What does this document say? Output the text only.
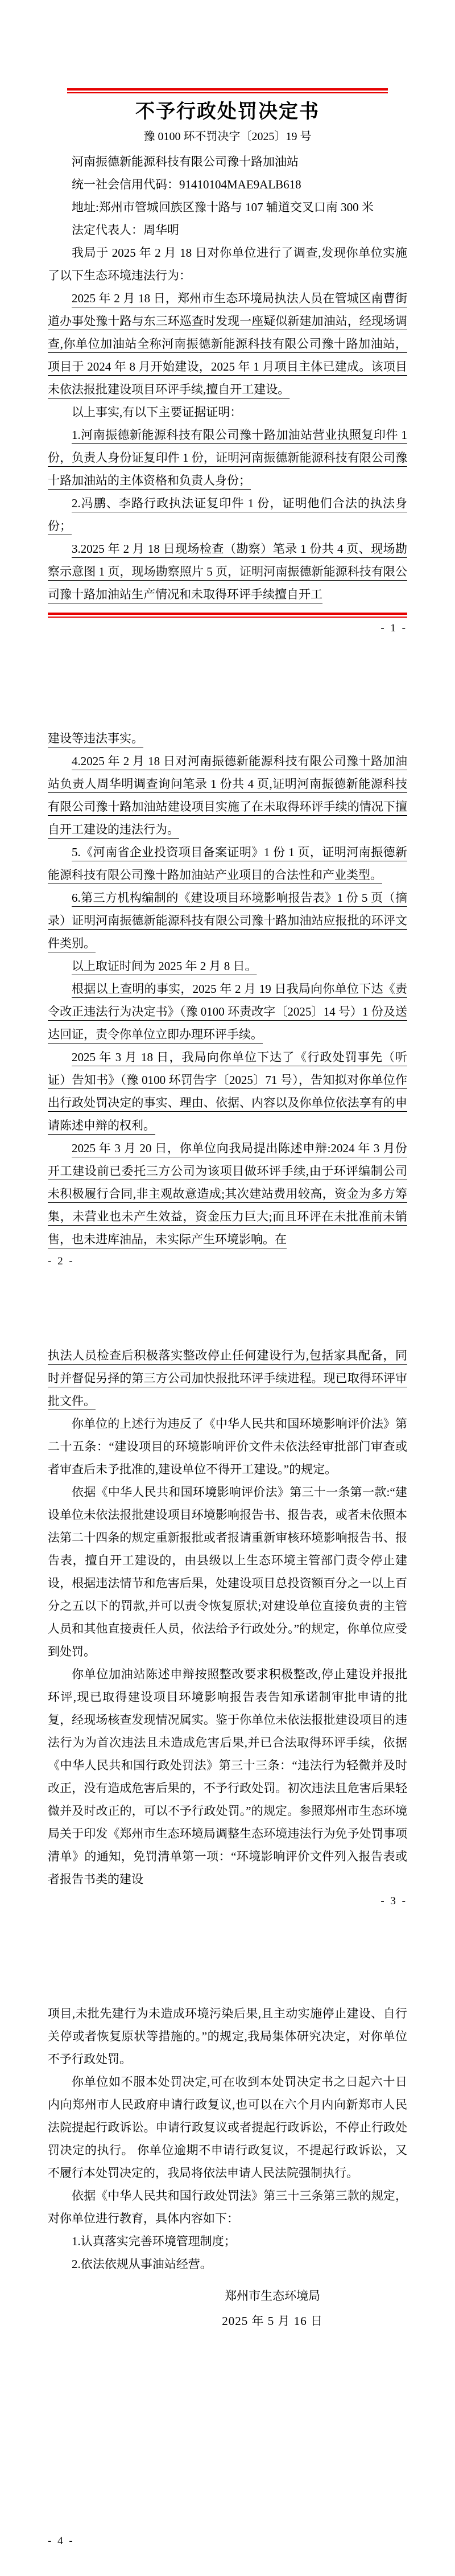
不予行政处罚决定书

豫 0100 环不罚决字〔2025〕19 号

河南振德新能源科技有限公司豫十路加油站

统一社会信用代码：91410104MAE9ALB618

地址:郑州市管城回族区豫十路与 107 辅道交叉口南 300 米

法定代表人：周华明

我局于 2025 年 2 月 18 日对你单位进行了调查,发现你单位实施了以下生态环境违法行为：

2025 年 2 月 18 日，郑州市生态环境局执法人员在管城区南曹街道办事处豫十路与东三环巡查时发现一座疑似新建加油站，经现场调查,你单位加油站全称河南振德新能源科技有限公司豫十路加油站，项目于 2024 年 8 月开始建设，2025 年 1 月项目主体已建成。该项目未依法报批建设项目环评手续,擅自开工建设。

以上事实,有以下主要证据证明：

1.河南振德新能源科技有限公司豫十路加油站营业执照复印件 1 份，负责人身份证复印件 1 份，证明河南振德新能源科技有限公司豫十路加油站的主体资格和负责人身份；

2.冯鹏、李路行政执法证复印件 1 份，证明他们合法的执法身份；

3.2025 年 2 月 18 日现场检查（勘察）笔录 1 份共 4 页、现场勘察示意图 1 页，现场勘察照片 5 页，证明河南振德新能源科技有限公司豫十路加油站生产情况和未取得环评手续擅自开工

- 1 -

建设等违法事实。

4.2025 年 2 月 18 日对河南振德新能源科技有限公司豫十路加油站负责人周华明调查询问笔录 1 份共 4 页,证明河南振德新能源科技有限公司豫十路加油站建设项目实施了在未取得环评手续的情况下擅自开工建设的违法行为。

5.《河南省企业投资项目备案证明》1 份 1 页，证明河南振德新能源科技有限公司豫十路加油站产业项目的合法性和产业类型。

6.第三方机构编制的《建设项目环境影响报告表》1 份 5 页（摘录）证明河南振德新能源科技有限公司豫十路加油站应报批的环评文件类别。

以上取证时间为 2025 年 2 月 8 日。

根据以上查明的事实，2025 年 2 月 19 日我局向你单位下达《责令改正违法行为决定书》（豫 0100 环责改字〔2025〕14 号）1 份及送达回证，责令你单位立即办理环评手续。

2025 年 3 月 18 日，我局向你单位下达了《行政处罚事先（听证）告知书》（豫 0100 环罚告字〔2025〕71 号），告知拟对你单位作出行政处罚决定的事实、理由、依据、内容以及你单位依法享有的申请陈述申辩的权利。

2025 年 3 月 20 日，你单位向我局提出陈述申辩:2024 年 3 月份开工建设前已委托三方公司为该项目做环评手续,由于环评编制公司未积极履行合同,非主观故意造成;其次建站费用较高，资金为多方筹集，未营业也未产生效益，资金压力巨大;而且环评在未批准前未销售，也未进库油品，未实际产生环境影响。在

- 2 -

执法人员检查后积极落实整改停止任何建设行为,包括家具配备，同时并督促另择的第三方公司加快报批环评手续进程。现已取得环评审批文件。

你单位的上述行为违反了《中华人民共和国环境影响评价法》第二十五条：“建设项目的环境影响评价文件未依法经审批部门审查或者审查后未予批准的,建设单位不得开工建设。”的规定。

依据《中华人民共和国环境影响评价法》第三十一条第一款:“建设单位未依法报批建设项目环境影响报告书、报告表，或者未依照本法第二十四条的规定重新报批或者报请重新审核环境影响报告书、报告表，擅自开工建设的，由县级以上生态环境主管部门责令停止建设，根据违法情节和危害后果，处建设项目总投资额百分之一以上百分之五以下的罚款,并可以责令恢复原状;对建设单位直接负责的主管人员和其他直接责任人员，依法给予行政处分。”的规定，你单位应受到处罚。

你单位加油站陈述申辩按照整改要求积极整改,停止建设并报批环评,现已取得建设项目环境影响报告表告知承诺制审批申请的批复，经现场核查发现情况属实。鉴于你单位未依法报批建设项目的违法行为为首次违法且未造成危害后果,并已合法取得环评手续，依据《中华人民共和国行政处罚法》第三十三条：“违法行为轻微并及时改正，没有造成危害后果的，不予行政处罚。初次违法且危害后果轻微并及时改正的，可以不予行政处罚。”的规定。参照郑州市生态环境局关于印发《郑州市生态环境局调整生态环境违法行为免予处罚事项清单》的通知，免罚清单第一项：“环境影响评价文件列入报告表或者报告书类的建设

- 3 -

项目,未批先建行为未造成环境污染后果,且主动实施停止建设、自行关停或者恢复原状等措施的。”的规定,我局集体研究决定，对你单位不予行政处罚。

你单位如不服本处罚决定,可在收到本处罚决定书之日起六十日内向郑州市人民政府申请行政复议,也可以在六个月内向新郑市人民法院提起行政诉讼。申请行政复议或者提起行政诉讼，不停止行政处罚决定的执行。 你单位逾期不申请行政复议，不提起行政诉讼，又不履行本处罚决定的，我局将依法申请人民法院强制执行。

依据《中华人民共和国行政处罚法》第三十三条第三款的规定，对你单位进行教育，具体内容如下：

1.认真落实完善环境管理制度；

2.依法依规从事油站经营。

郑州市生态环境局

2025 年 5 月 16 日

- 4 -
